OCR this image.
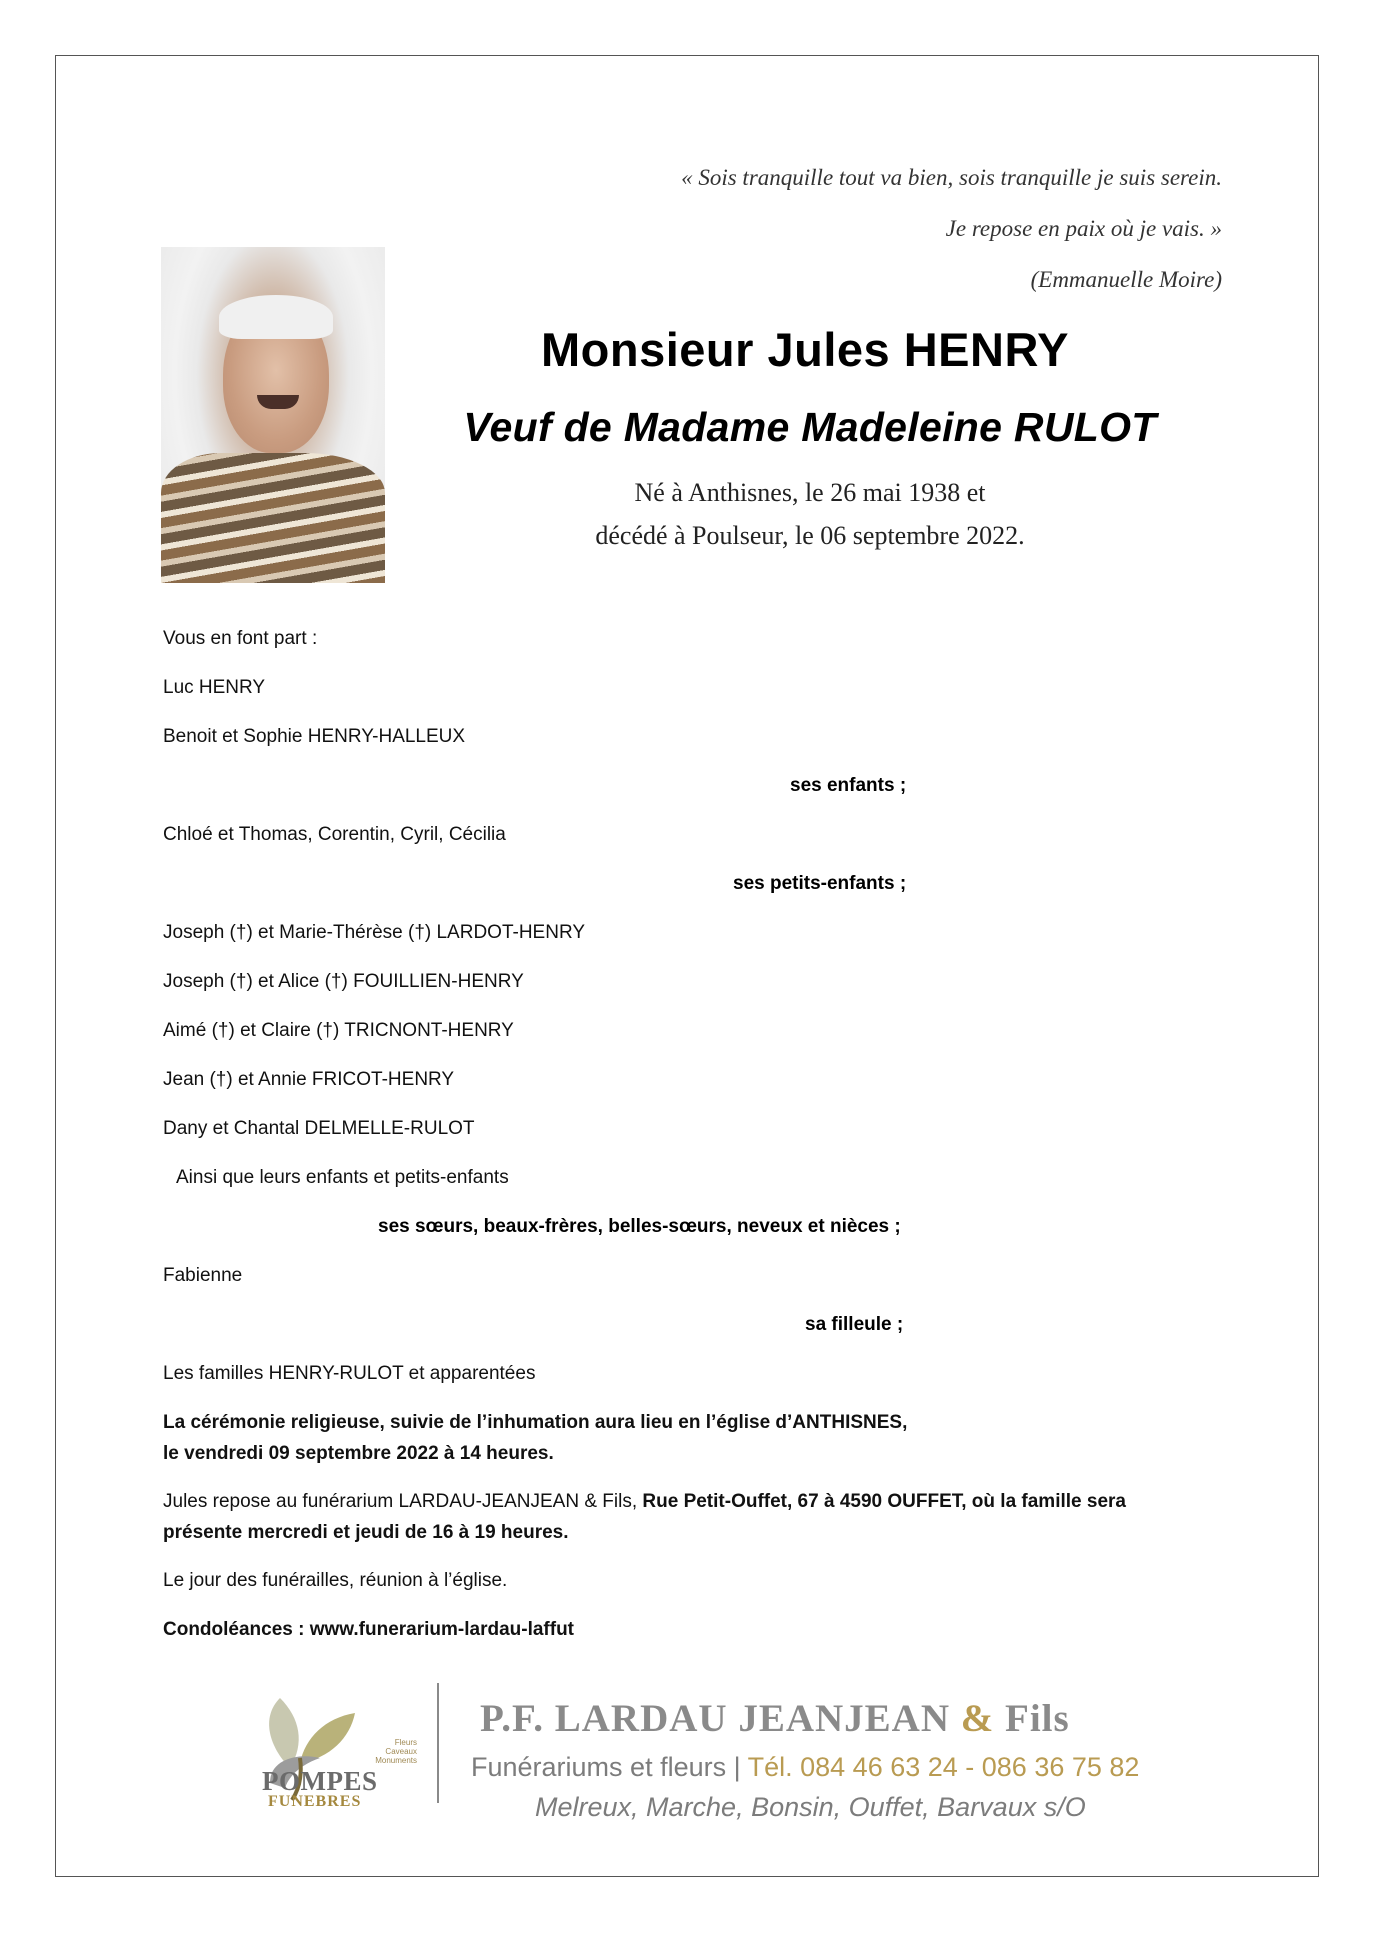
« Sois tranquille tout va bien, sois tranquille je suis serein.
Je repose en paix où je vais. »
(Emmanuelle Moire)
Monsieur Jules HENRY
Veuf de Madame Madeleine RULOT
Né à Anthisnes, le 26 mai 1938 et
décédé à Poulseur, le 06 septembre 2022.
Vous en font part :
Luc HENRY
Benoit et Sophie HENRY-HALLEUX
ses enfants ;
Chloé et Thomas, Corentin, Cyril, Cécilia
ses petits-enfants ;
Joseph (†) et Marie-Thérèse (†) LARDOT-HENRY
Joseph (†) et Alice (†) FOUILLIEN-HENRY
Aimé (†) et Claire (†) TRICNONT-HENRY
Jean (†) et Annie FRICOT-HENRY
Dany et Chantal DELMELLE-RULOT
Ainsi que leurs enfants et petits-enfants
ses sœurs, beaux-frères, belles-sœurs, neveux et nièces ;
Fabienne
sa filleule ;
Les familles HENRY-RULOT et apparentées
La cérémonie religieuse, suivie de l’inhumation aura lieu en l’église d’ANTHISNES,
le vendredi 09 septembre 2022 à 14 heures.
Jules repose au funérarium LARDAU-JEANJEAN & Fils, Rue Petit-Ouffet, 67 à 4590 OUFFET, où la famille sera
présente mercredi et jeudi de 16 à 19 heures.
Le jour des funérailles, réunion à l’église.
Condoléances : www.funerarium-lardau-laffut
Fleurs
Caveaux
Monuments
POMPES
FUNEBRES
P.F. LARDAU JEANJEAN & Fils
Funérariums et fleurs | Tél. 084 46 63 24 - 086 36 75 82
Melreux, Marche, Bonsin, Ouffet, Barvaux s/O
